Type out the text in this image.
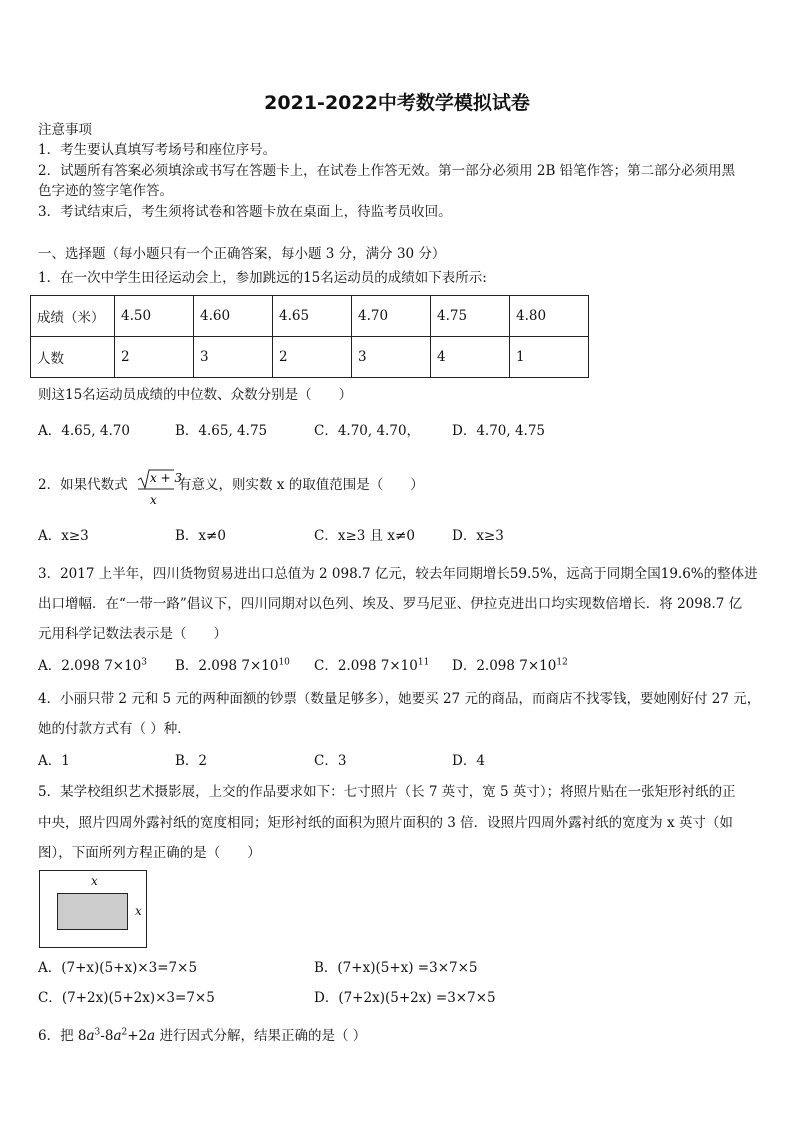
2021-2022中考数学模拟试卷
注意事项
1．考生要认真填写考场号和座位序号。
2．试题所有答案必须填涂或书写在答题卡上，在试卷上作答无效。第一部分必须用 2B 铅笔作答；第二部分必须用黑
色字迹的签字笔作答。
3．考试结束后，考生须将试卷和答题卡放在桌面上，待监考员收回。
一、选择题（每小题只有一个正确答案，每小题 3 分，满分 30 分）
1．在一次中学生田径运动会上，参加跳远的15名运动员的成绩如下表所示:
成绩（米）	4.50	4.60	4.65	4.70	4.75	4.80
人数	2	3	2	3	4	1
则这15名运动员成绩的中位数、众数分别是（　　）
A．4.65, 4.70	B．4.65, 4.75	C．4.70, 4.70， D．4.70, 4.75
2．如果代数式 x + 3
x
有意义，则实数 x 的取值范围是（　　）
A．x≥3	B．x≠0	C．x≥3 且 x≠0	D．x≥3
3．2017 上半年，四川货物贸易进出口总值为 2 098.7 亿元，较去年同期增长59.5%，远高于同期全国19.6%的整体进
出口增幅．在“一带一路”倡议下，四川同期对以色列、埃及、罗马尼亚、伊拉克进出口均实现数倍增长．将 2098.7 亿
元用科学记数法表示是（　　）
A．2.098 $7\times 10^3$ B．2.098 $7\times 10^{10}$ C．2.098 $7\times 10^{11}$ D．2.098 $7\times 10^{12}$
4．小丽只带 2 元和 5 元的两种面额的钞票（数量足够多），她要买 27 元的商品，而商店不找零钱，要她刚好付 27 元，
她的付款方式有（ ）种．
A．1	B．2	C．3	D．4
5．某学校组织艺术摄影展，上交的作品要求如下：七寸照片（长 7 英寸，宽 5 英寸）；将照片贴在一张矩形衬纸的正
中央，照片四周外露衬纸的宽度相同；矩形衬纸的面积为照片面积的 3 倍．设照片四周外露衬纸的宽度为 x 英寸（如
图），下面所列方程正确的是（　　）
x
x
A．(7+x)(5+x)×3=7×5	B．(7+x)(5+x) =3×7×5
C．(7+2x)(5+2x)×3=7×5	D．(7+2x)(5+2x) =3×7×5
6．把 $8a^3-8a^2+2a$ 进行因式分解，结果正确的是（ ）
